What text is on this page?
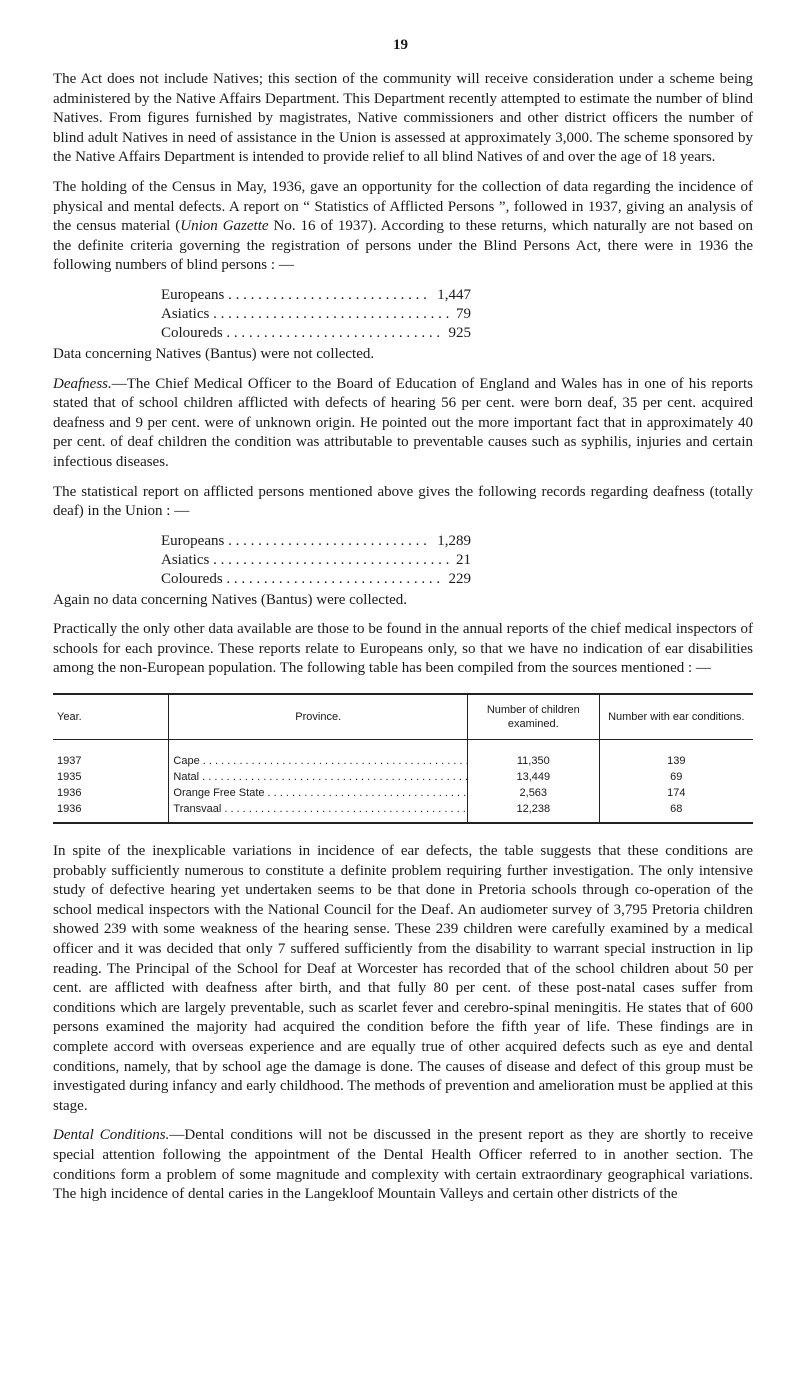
19

The Act does not include Natives; this section of the community will receive consideration under a scheme being administered by the Native Affairs Department. This Department recently attempted to estimate the number of blind Natives. From figures furnished by magistrates, Native commissioners and other district officers the number of blind adult Natives in need of assistance in the Union is assessed at approximately 3,000. The scheme sponsored by the Native Affairs Department is intended to provide relief to all blind Natives of and over the age of 18 years.

The holding of the Census in May, 1936, gave an opportunity for the collection of data regarding the incidence of physical and mental defects. A report on “ Statistics of Afflicted Persons ”, followed in 1937, giving an analysis of the census material (Union Gazette No. 16 of 1937). According to these returns, which naturally are not based on the definite criteria governing the registration of persons under the Blind Persons Act, there were in 1936 the following numbers of blind persons : —

Europeans . . .	1,447
Asiatics . . .	79
Coloureds . . .	925

Data concerning Natives (Bantus) were not collected.

Deafness.—The Chief Medical Officer to the Board of Education of England and Wales has in one of his reports stated that of school children afflicted with defects of hearing 56 per cent. were born deaf, 35 per cent. acquired deafness and 9 per cent. were of unknown origin. He pointed out the more important fact that in approximately 40 per cent. of deaf children the condition was attributable to preventable causes such as syphilis, injuries and certain infectious diseases.

The statistical report on afflicted persons mentioned above gives the following records regarding deafness (totally deaf) in the Union : —

Europeans . . .	1,289
Asiatics . . .	21
Coloureds . . .	229

Again no data concerning Natives (Bantus) were collected.

Practically the only other data available are those to be found in the annual reports of the chief medical inspectors of schools for each province. These reports relate to Europeans only, so that we have no indication of ear disabilities among the non-European population. The following table has been compiled from the sources mentioned : —

Year.	Province.	Number of children examined.	Number with ear conditions.
1937	Cape . . .	11,350	139
1935	Natal . . .	13,449	69
1936	Orange Free State . . .	2,563	174
1936	Transvaal . . .	12,238	68

In spite of the inexplicable variations in incidence of ear defects, the table suggests that these conditions are probably sufficiently numerous to constitute a definite problem requiring further investigation. The only intensive study of defective hearing yet undertaken seems to be that done in Pretoria schools through co-operation of the school medical inspectors with the National Council for the Deaf. An audiometer survey of 3,795 Pretoria children showed 239 with some weakness of the hearing sense. These 239 children were carefully examined by a medical officer and it was decided that only 7 suffered sufficiently from the disability to warrant special instruction in lip reading. The Principal of the School for Deaf at Worcester has recorded that of the school children about 50 per cent. are afflicted with deafness after birth, and that fully 80 per cent. of these post-natal cases suffer from conditions which are largely preventable, such as scarlet fever and cerebro-spinal meningitis. He states that of 600 persons examined the majority had acquired the condition before the fifth year of life. These findings are in complete accord with overseas experience and are equally true of other acquired defects such as eye and dental conditions, namely, that by school age the damage is done. The causes of disease and defect of this group must be investigated during infancy and early childhood. The methods of prevention and amelioration must be applied at this stage.

Dental Conditions.—Dental conditions will not be discussed in the present report as they are shortly to receive special attention following the appointment of the Dental Health Officer referred to in another section. The conditions form a problem of some magnitude and complexity with certain extraordinary geographical variations. The high incidence of dental caries in the Langekloof Mountain Valleys and certain other districts of the
